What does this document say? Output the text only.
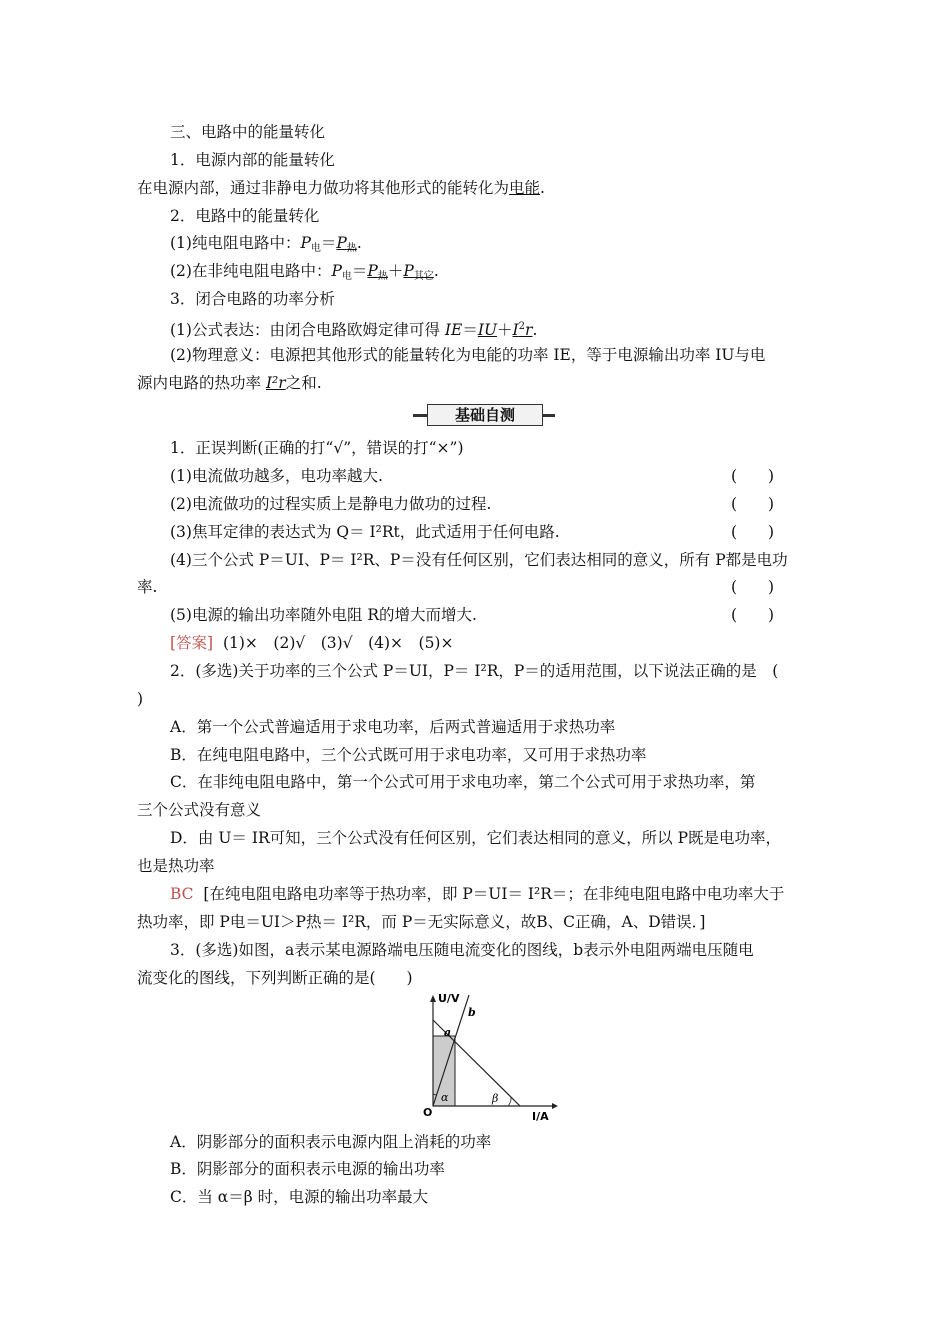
三、电路中的能量转化
1．电源内部的能量转化
在电源内部，通过非静电力做功将其他形式的能转化为电能.
2．电路中的能量转化
(1)纯电阻电路中：$P_电=P_热$.
(2)在非纯电阻电路中：$P_电=P_热+P_{其它}$.
3．闭合电路的功率分析
(1)公式表达：由闭合电路欧姆定律可得 $IE=IU+I^2r$.
(2)物理意义：电源把其他形式的能量转化为电能的功率 IE，等于电源输出功率 IU与电
源内电路的热功率 I²r之和.
基础自测
1．正误判断(正确的打“√”，错误的打“×”)
(1)电流做功越多，电功率越大.	(　　)
(2)电流做功的过程实质上是静电力做功的过程.	(　　)
(3)焦耳定律的表达式为 Q＝ I²Rt，此式适用于任何电路.	(　　)
(4)三个公式 P＝UI、P＝ I²R、P＝没有任何区别，它们表达相同的意义，所有 P都是电功
率.	(　　)
(5)电源的输出功率随外电阻 R的增大而增大.	(　　)
[答案] (1)×　(2)√　(3)√　(4)×　(5)×
2．(多选)关于功率的三个公式 P＝UI，P＝ I²R，P＝的适用范围，以下说法正确的是　(
)
A．第一个公式普遍适用于求电功率，后两式普遍适用于求热功率
B．在纯电阻电路中，三个公式既可用于求电功率，又可用于求热功率
C．在非纯电阻电路中，第一个公式可用于求电功率，第二个公式可用于求热功率，第
三个公式没有意义
D．由 U＝ IR可知，三个公式没有任何区别，它们表达相同的意义，所以 P既是电功率，
也是热功率
BC [在纯电阻电路电功率等于热功率，即 P＝UI＝ I²R＝；在非纯电阻电路中电功率大于
热功率，即 P电＝UI＞P热＝ I²R，而 P＝无实际意义，故B、C正确，A、D错误．]
3．(多选)如图，a表示某电源路端电压随电流变化的图线，b表示外电阻两端电压随电
流变化的图线，下列判断正确的是(　　)
U/V
I/A
O
b
a
α	β
A．阴影部分的面积表示电源内阻上消耗的功率
B．阴影部分的面积表示电源的输出功率
C．当 α＝β 时，电源的输出功率最大
